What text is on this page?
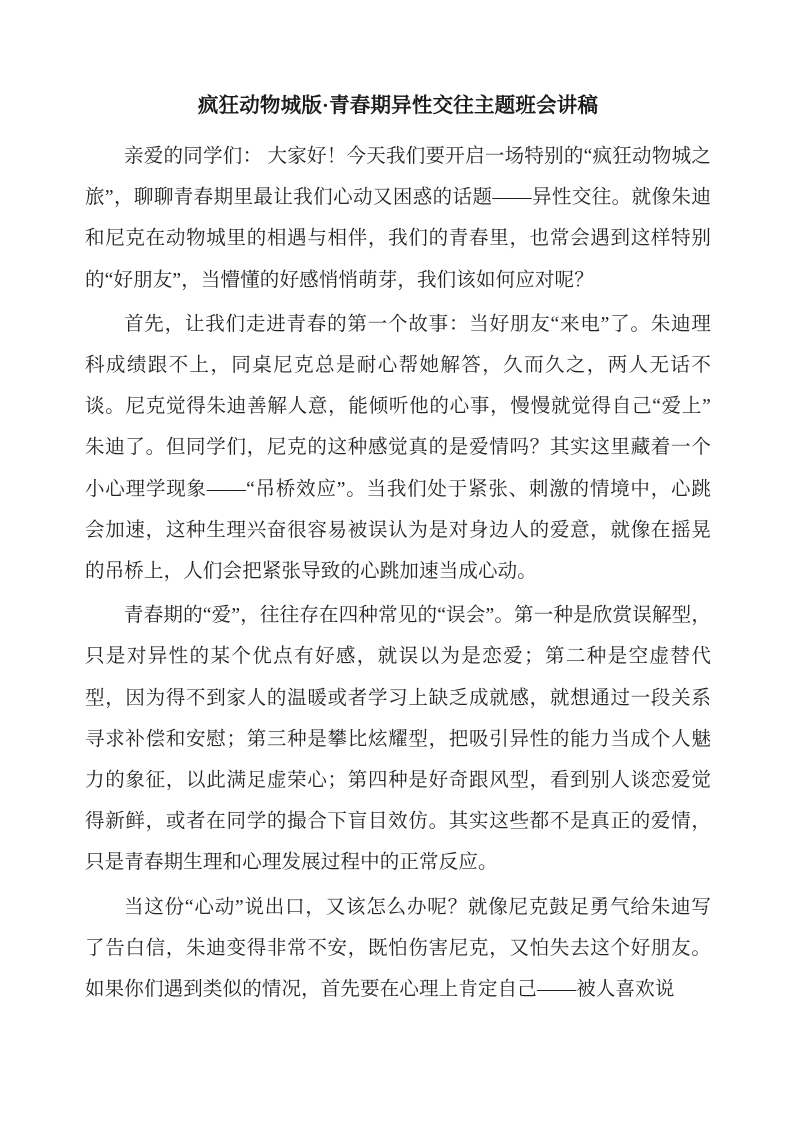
疯狂动物城版·青春期异性交往主题班会讲稿

亲爱的同学们： 大家好！今天我们要开启一场特别的“疯狂动物城之旅”，聊聊青春期里最让我们心动又困惑的话题——异性交往。就像朱迪和尼克在动物城里的相遇与相伴，我们的青春里，也常会遇到这样特别的“好朋友”，当懵懂的好感悄悄萌芽，我们该如何应对呢？

首先，让我们走进青春的第一个故事：当好朋友“来电”了。朱迪理科成绩跟不上，同桌尼克总是耐心帮她解答，久而久之，两人无话不谈。尼克觉得朱迪善解人意，能倾听他的心事，慢慢就觉得自己“爱上”朱迪了。但同学们，尼克的这种感觉真的是爱情吗？其实这里藏着一个小心理学现象——“吊桥效应”。当我们处于紧张、刺激的情境中，心跳会加速，这种生理兴奋很容易被误认为是对身边人的爱意，就像在摇晃的吊桥上，人们会把紧张导致的心跳加速当成心动。

青春期的“爱”，往往存在四种常见的“误会”。第一种是欣赏误解型，只是对异性的某个优点有好感，就误以为是恋爱；第二种是空虚替代型，因为得不到家人的温暖或者学习上缺乏成就感，就想通过一段关系寻求补偿和安慰；第三种是攀比炫耀型，把吸引异性的能力当成个人魅力的象征，以此满足虚荣心；第四种是好奇跟风型，看到别人谈恋爱觉得新鲜，或者在同学的撮合下盲目效仿。其实这些都不是真正的爱情，只是青春期生理和心理发展过程中的正常反应。

当这份“心动”说出口，又该怎么办呢？就像尼克鼓足勇气给朱迪写了告白信，朱迪变得非常不安，既怕伤害尼克，又怕失去这个好朋友。如果你们遇到类似的情况，首先要在心理上肯定自己——被人喜欢说
